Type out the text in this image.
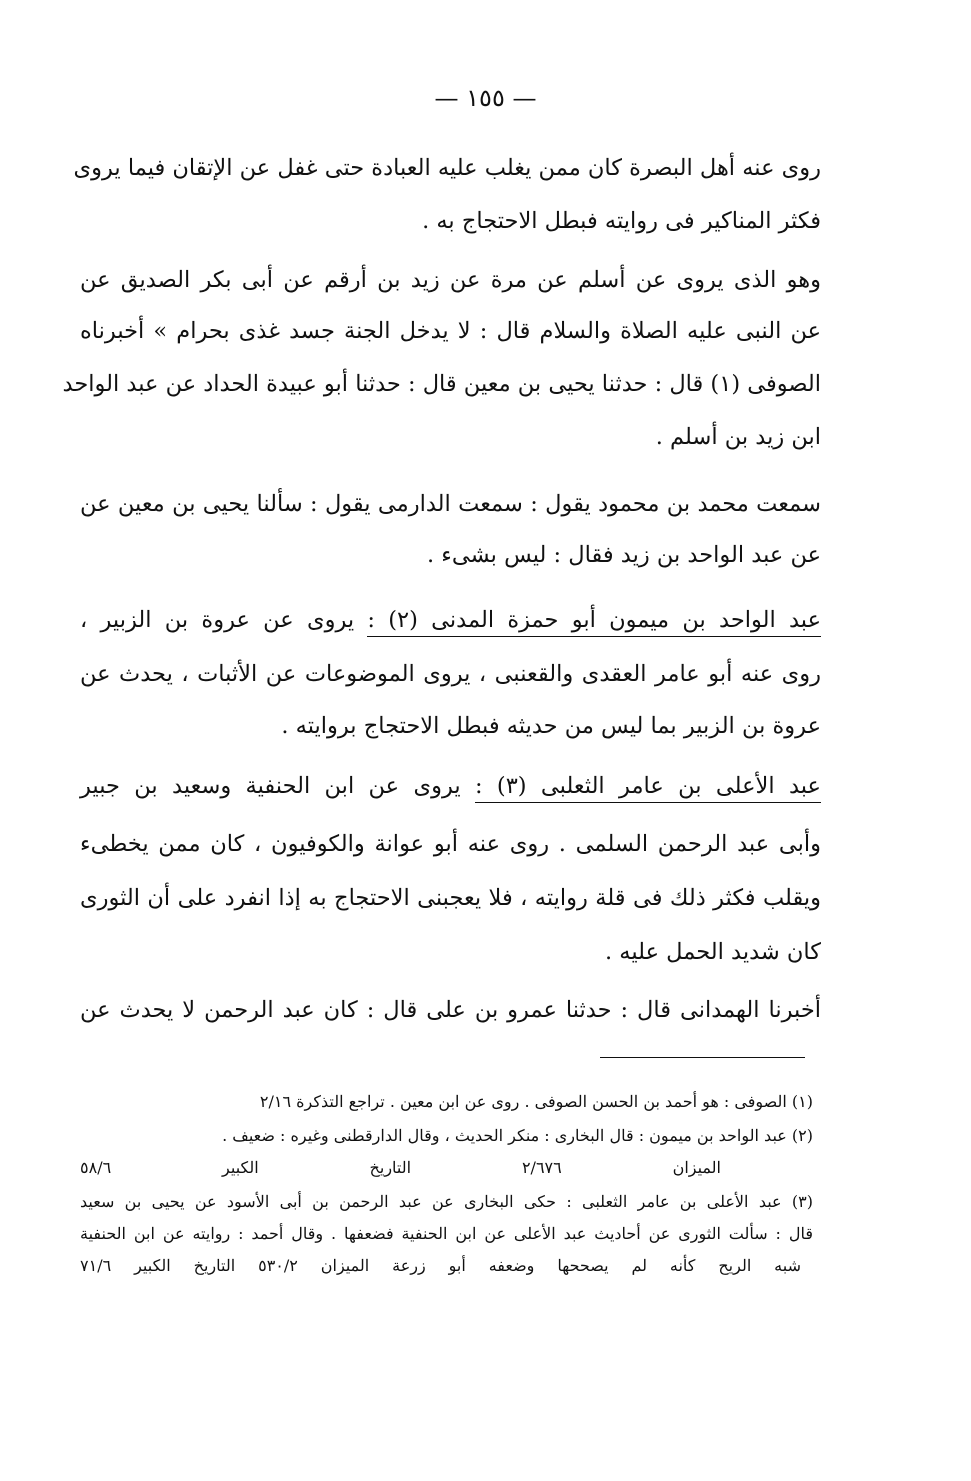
— ١٥٥ —
روى عنه أهل البصرة كان ممن يغلب عليه العبادة حتى غفل عن الإتقان فيما يروى
فكثر المناكير فى روايته فبطل الاحتجاج به .
وهو الذى يروى عن أسلم عن مرة عن زيد بن أرقم عن أبى بكر الصديق عن
عن النبى عليه الصلاة والسلام قال : لا يدخل الجنة جسد غذى بحرام » أخبرناه
الصوفى (١) قال : حدثنا يحيى بن معين قال : حدثنا أبو عبيدة الحداد عن عبد الواحد
ابن زيد بن أسلم .
سمعت محمد بن محمود يقول : سمعت الدارمى يقول : سألنا يحيى بن معين عن
عن عبد الواحد بن زيد فقال : ليس بشىء .
عبد الواحد بن ميمون أبو حمزة المدنى (٢) : يروى عن عروة بن الزبير ،
روى عنه أبو عامر العقدى والقعنبى ، يروى الموضوعات عن الأثبات ، يحدث عن
عروة بن الزبير بما ليس من حديثه فبطل الاحتجاج بروايته .
عبد الأعلى بن عامر الثعلبى (٣) : يروى عن ابن الحنفية وسعيد بن جبير
وأبى عبد الرحمن السلمى . روى عنه أبو عوانة والكوفيون ، كان ممن يخطىء
ويقلب فكثر ذلك فى قلة روايته ، فلا يعجبنى الاحتجاج به إذا انفرد على أن الثورى
كان شديد الحمل عليه .
أخبرنا الهمدانى قال : حدثنا عمرو بن على قال : كان عبد الرحمن لا يحدث عن
(١) الصوفى : هو أحمد بن الحسن الصوفى . روى عن ابن معين . تراجع التذكرة ٢/١٦
(٢) عبد الواحد بن ميمون : قال البخارى : منكر الحديث ، وقال الدارقطنى وغيره : ضعيف .
الميزان ٢/٦٧٦ التاريخ الكبير ٥٨/٦
(٣) عبد الأعلى بن عامر الثعلبى : حكى البخارى عن عبد الرحمن بن أبى الأسود عن يحيى بن سعيد
قال : سألت الثورى عن أحاديث عبد الأعلى عن ابن الحنفية فضعفها . وقال أحمد : روايته عن ابن الحنفية
شبه الريح كأنه لم يصححها وضعفه أبو زرعة الميزان ٥٣٠/٢ التاريخ الكبير ٧١/٦
